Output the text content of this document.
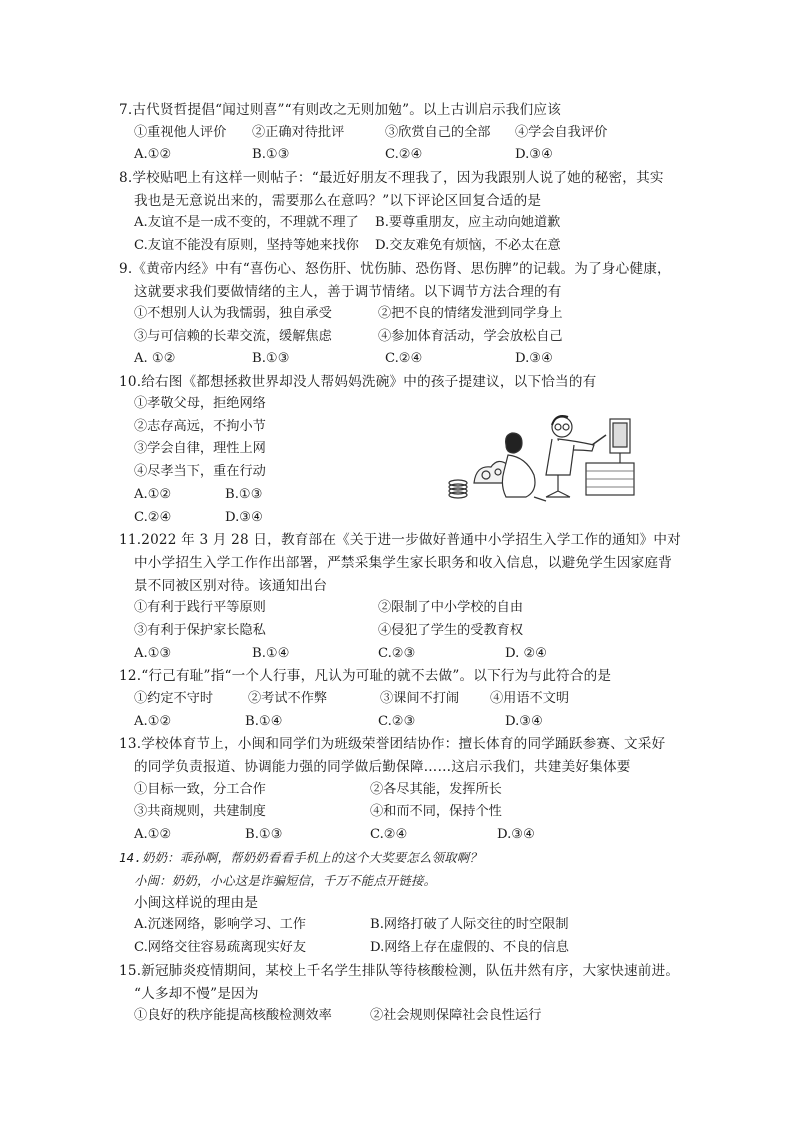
7.古代贤哲提倡“闻过则喜”“有则改之无则加勉”。以上古训启示我们应该
①重视他人评价 ②正确对待批评	③欣赏自己的全部 ④学会自我评价
A.①②	B.①③	C.②④	D.③④
8.学校贴吧上有这样一则帖子：“最近好朋友不理我了，因为我跟别人说了她的秘密，其实
我也是无意说出来的，需要那么在意吗？”以下评论区回复合适的是
A.友谊不是一成不变的，不理就不理了 B.要尊重朋友，应主动向她道歉
C.友谊不能没有原则，坚持等她来找你 D.交友难免有烦恼，不必太在意
9.《黄帝内经》中有“喜伤心、怒伤肝、忧伤肺、恐伤肾、思伤脾”的记载。为了身心健康，
这就要求我们要做情绪的主人，善于调节情绪。以下调节方法合理的有
①不想别人认为我懦弱，独自承受	②把不良的情绪发泄到同学身上
③与可信赖的长辈交流，缓解焦虑	④参加体育活动，学会放松自己
A. ①②	B.①③	C.②④	D.③④
10.给右图《都想拯救世界却没人帮妈妈洗碗》中的孩子提建议，以下恰当的有
①孝敬父母，拒绝网络
②志存高远，不拘小节
③学会自律，理性上网
④尽孝当下，重在行动
A.①②	B.①③
C.②④	D.③④
11.2022 年 3 月 28 日，教育部在《关于进一步做好普通中小学招生入学工作的通知》中对
中小学招生入学工作作出部署，严禁采集学生家长职务和收入信息，以避免学生因家庭背
景不同被区别对待。该通知出台
①有利于践行平等原则	②限制了中小学校的自由
③有利于保护家长隐私	④侵犯了学生的受教育权
A.①③	B.①④	C.②③	D. ②④
12.“行己有耻”指“一个人行事，凡认为可耻的就不去做”。以下行为与此符合的是
①约定不守时	②考试不作弊	③课间不打闹 ④用语不文明
A.①②	B.①④	C.②③	D.③④
13.学校体育节上，小闽和同学们为班级荣誉团结协作：擅长体育的同学踊跃参赛、文采好
的同学负责报道、协调能力强的同学做后勤保障……这启示我们，共建美好集体要
①目标一致，分工合作	②各尽其能，发挥所长
③共商规则，共建制度	④和而不同，保持个性
A.①②	B.①③	C.②④	D.③④
14.奶奶：乖孙啊，帮奶奶看看手机上的这个大奖要怎么领取啊？
小闽：奶奶，小心这是诈骗短信，千万不能点开链接。
小闽这样说的理由是
A.沉迷网络，影响学习、工作	B.网络打破了人际交往的时空限制
C.网络交往容易疏离现实好友	D.网络上存在虚假的、不良的信息
15.新冠肺炎疫情期间，某校上千名学生排队等待核酸检测，队伍井然有序，大家快速前进。
“人多却不慢”是因为
①良好的秩序能提高核酸检测效率	②社会规则保障社会良性运行
